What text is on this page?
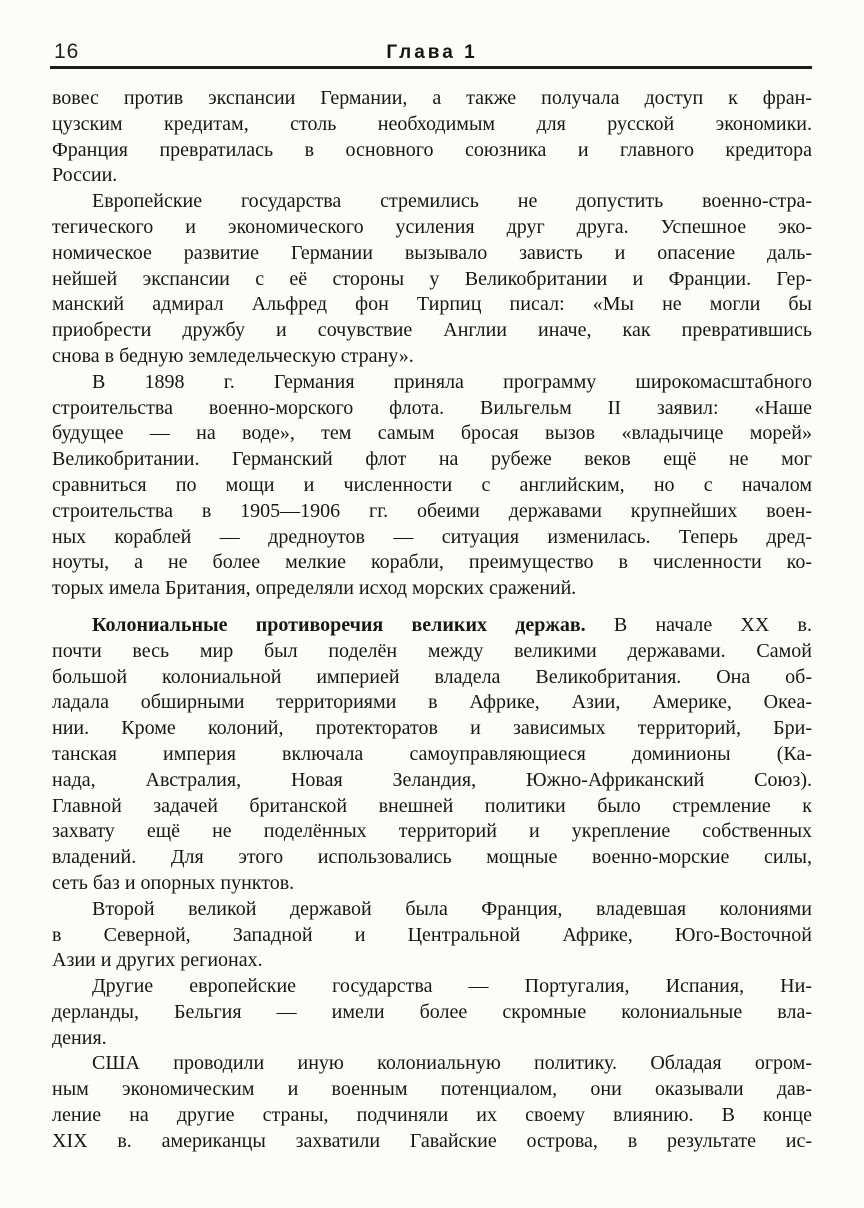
16	Глава 1
вовес против экспансии Германии, а также получала доступ к фран-
цузским кредитам, столь необходимым для русской экономики.
Франция превратилась в основного союзника и главного кредитора
России.
Европейские государства стремились не допустить военно-стра-
тегического и экономического усиления друг друга. Успешное эко-
номическое развитие Германии вызывало зависть и опасение даль-
нейшей экспансии с её стороны у Великобритании и Франции. Гер-
манский адмирал Альфред фон Тирпиц писал: «Мы не могли бы
приобрести дружбу и сочувствие Англии иначе, как превратившись
снова в бедную земледельческую страну».
В 1898 г. Германия приняла программу широкомасштабного
строительства военно-морского флота. Вильгельм II заявил: «Наше
будущее — на воде», тем самым бросая вызов «владычице морей»
Великобритании. Германский флот на рубеже веков ещё не мог
сравниться по мощи и численности с английским, но с началом
строительства в 1905—1906 гг. обеими державами крупнейших воен-
ных кораблей — дредноутов — ситуация изменилась. Теперь дред-
ноуты, а не более мелкие корабли, преимущество в численности ко-
торых имела Британия, определяли исход морских сражений.
Колониальные противоречия великих держав. В начале XX в.
почти весь мир был поделён между великими державами. Самой
большой колониальной империей владела Великобритания. Она об-
ладала обширными территориями в Африке, Азии, Америке, Океа-
нии. Кроме колоний, протекторатов и зависимых территорий, Бри-
танская империя включала самоуправляющиеся доминионы (Ка-
нада, Австралия, Новая Зеландия, Южно-Африканский Союз).
Главной задачей британской внешней политики было стремление к
захвату ещё не поделённых территорий и укрепление собственных
владений. Для этого использовались мощные военно-морские силы,
сеть баз и опорных пунктов.
Второй великой державой была Франция, владевшая колониями
в Северной, Западной и Центральной Африке, Юго-Восточной
Азии и других регионах.
Другие европейские государства — Португалия, Испания, Ни-
дерланды, Бельгия — имели более скромные колониальные вла-
дения.
США проводили иную колониальную политику. Обладая огром-
ным экономическим и военным потенциалом, они оказывали дав-
ление на другие страны, подчиняли их своему влиянию. В конце
XIX в. американцы захватили Гавайские острова, в результате ис-
